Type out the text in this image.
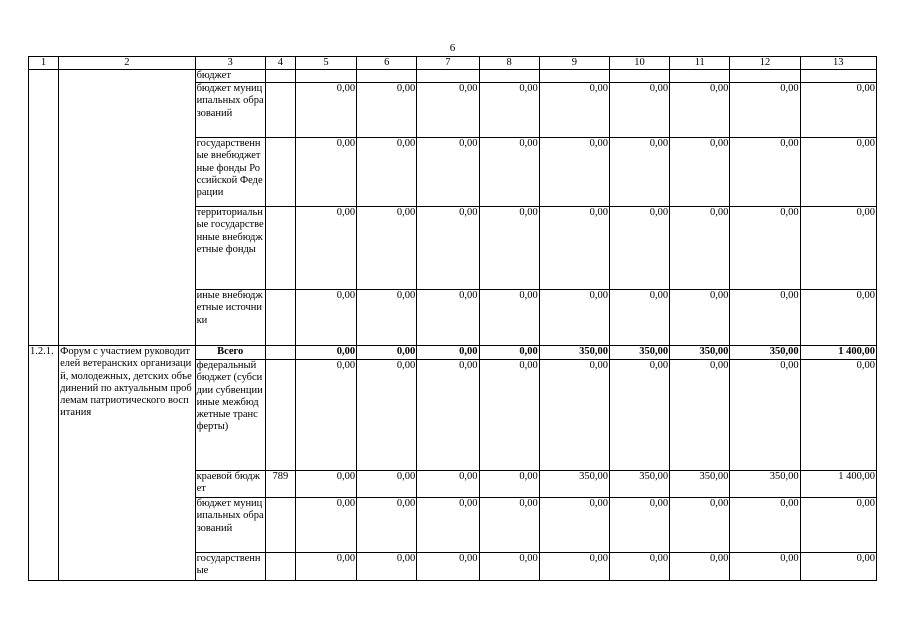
6
1	2	3	4	5	6	7	8	9	10	11	12	13
		бюджет										
		бюджет муниципальных образований		0,00	0,00	0,00	0,00	0,00	0,00	0,00	0,00	0,00
		государственные внебюджетные фонды Российской Федерации		0,00	0,00	0,00	0,00	0,00	0,00	0,00	0,00	0,00
		территориальные государственные внебюджетные фонды		0,00	0,00	0,00	0,00	0,00	0,00	0,00	0,00	0,00
		иные внебюджетные источники		0,00	0,00	0,00	0,00	0,00	0,00	0,00	0,00	0,00
1.2.1.	Форум с участием руководителей ветеранских организаций, молодежных, детских объединений по актуальным проблемам патриотического воспитания	Всего		0,00	0,00	0,00	0,00	350,00	350,00	350,00	350,00	1 400,00
		федеральный бюджет (субсидии субвенции иные межбюджетные трансферты)		0,00	0,00	0,00	0,00	0,00	0,00	0,00	0,00	0,00
		краевой бюджет	789	0,00	0,00	0,00	0,00	350,00	350,00	350,00	350,00	1 400,00
		бюджет муниципальных образований		0,00	0,00	0,00	0,00	0,00	0,00	0,00	0,00	0,00
		государственные		0,00	0,00	0,00	0,00	0,00	0,00	0,00	0,00	0,00
